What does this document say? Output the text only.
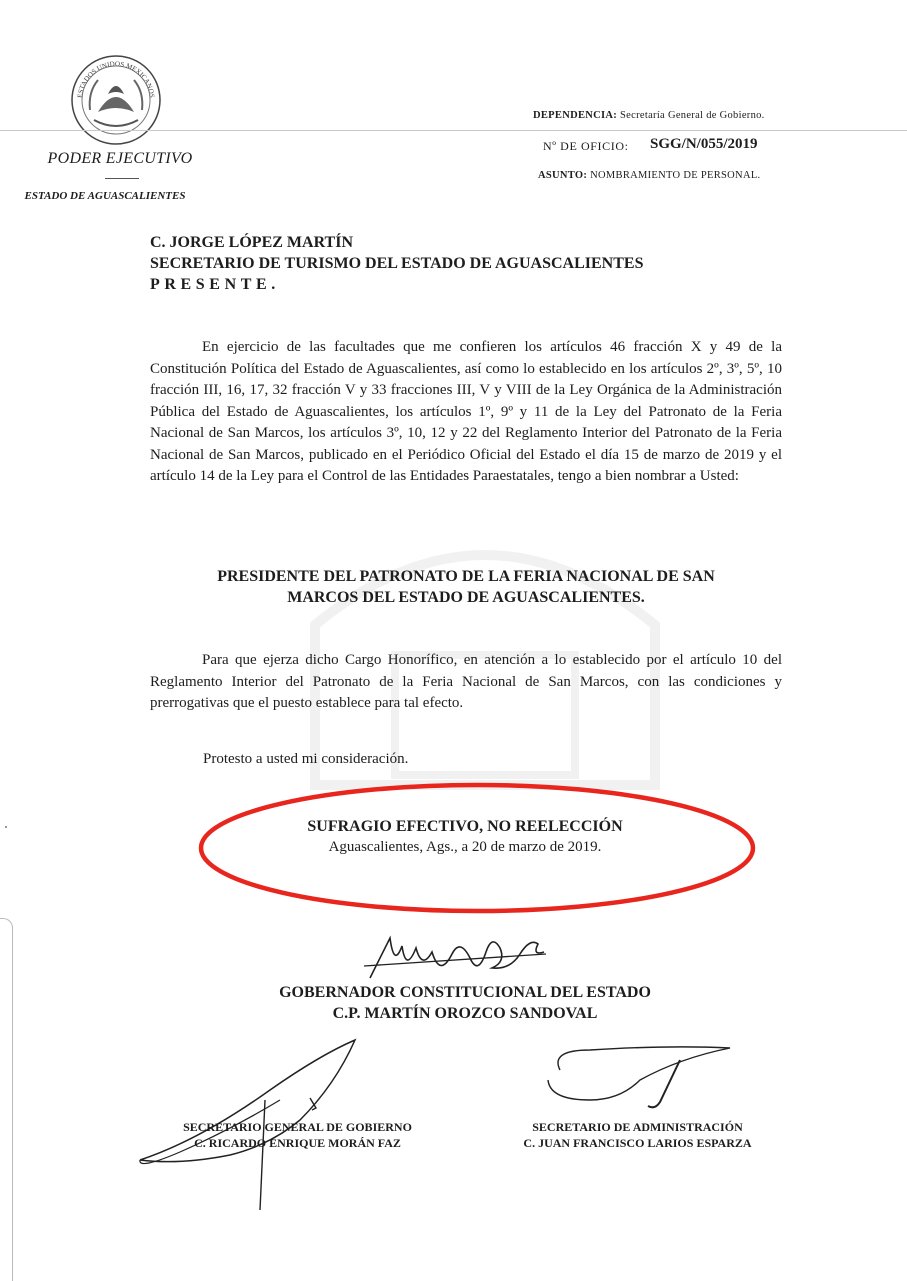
ESTADOS UNIDOS MEXICANOS
PODER EJECUTIVO
ESTADO DE AGUASCALIENTES
DEPENDENCIA: Secretaría General de Gobierno.
Nº DE OFICIO: SGG/N/055/2019
ASUNTO: NOMBRAMIENTO DE PERSONAL.
C. JORGE LÓPEZ MARTÍN
SECRETARIO DE TURISMO DEL ESTADO DE AGUASCALIENTES
PRESENTE.

En ejercicio de las facultades que me confieren los artículos 46 fracción X y 49 de la Constitución Política del Estado de Aguascalientes, así como lo establecido en los artículos 2º, 3º, 5º, 10 fracción III, 16, 17, 32 fracción V y 33 fracciones III, V y VIII de la Ley Orgánica de la Administración Pública del Estado de Aguascalientes, los artículos 1º, 9º y 11 de la Ley del Patronato de la Feria Nacional de San Marcos, los artículos 3º, 10, 12 y 22 del Reglamento Interior del Patronato de la Feria Nacional de San Marcos, publicado en el Periódico Oficial del Estado el día 15 de marzo de 2019 y el artículo 14 de la Ley para el Control de las Entidades Paraestatales, tengo a bien nombrar a Usted:

PRESIDENTE DEL PATRONATO DE LA FERIA NACIONAL DE SAN
MARCOS DEL ESTADO DE AGUASCALIENTES.

Para que ejerza dicho Cargo Honorífico, en atención a lo establecido por el artículo 10 del Reglamento Interior del Patronato de la Feria Nacional de San Marcos, con las condiciones y prerrogativas que el puesto establece para tal efecto.

Protesto a usted mi consideración.
SUFRAGIO EFECTIVO, NO REELECCIÓN
Aguascalientes, Ags., a 20 de marzo de 2019.
GOBERNADOR CONSTITUCIONAL DEL ESTADO
C.P. MARTÍN OROZCO SANDOVAL
SECRETARIO GENERAL DE GOBIERNO
C. RICARDO ENRIQUE MORÁN FAZ
SECRETARIO DE ADMINISTRACIÓN
C. JUAN FRANCISCO LARIOS ESPARZA
